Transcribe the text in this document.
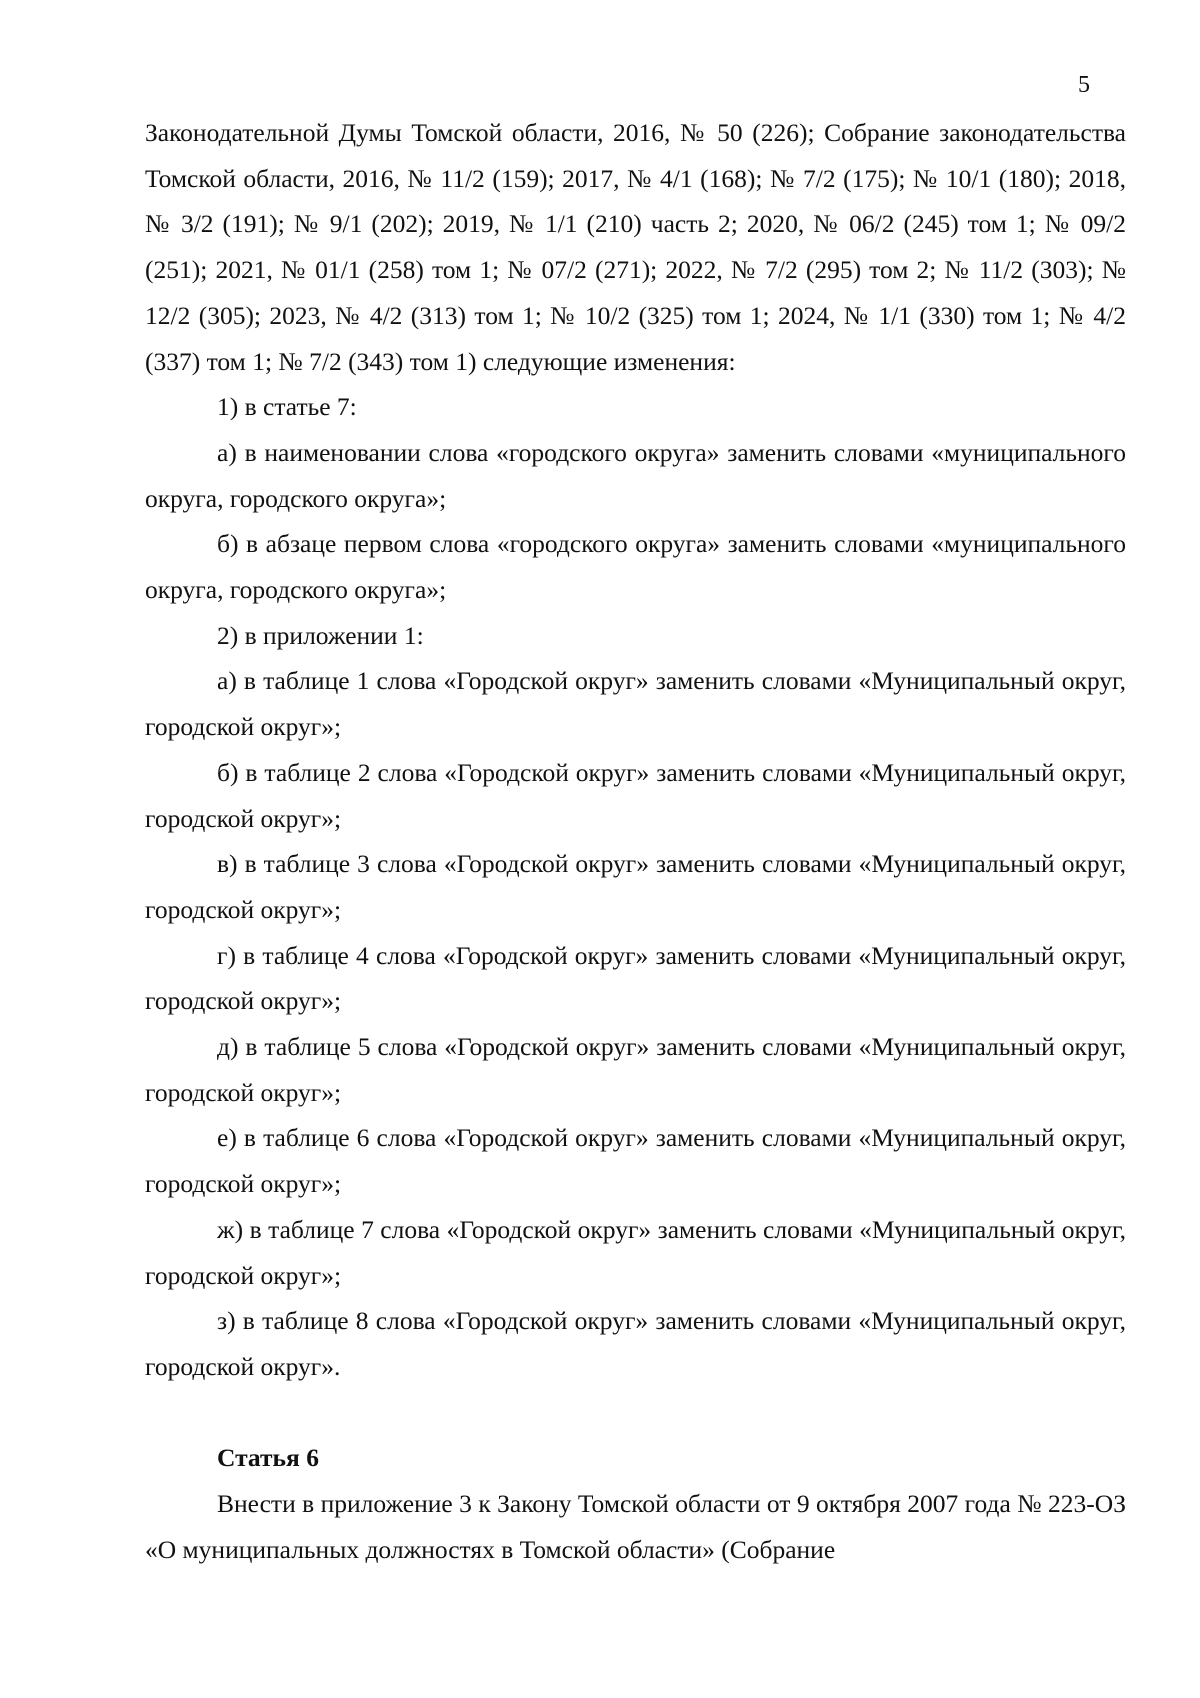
5

Законодательной Думы Томской области, 2016, № 50 (226); Собрание законодательства Томской области, 2016, № 11/2 (159); 2017, № 4/1 (168); № 7/2 (175); № 10/1 (180); 2018, № 3/2 (191); № 9/1 (202); 2019, № 1/1 (210) часть 2; 2020, № 06/2 (245) том 1; № 09/2 (251); 2021, № 01/1 (258) том 1; № 07/2 (271); 2022, № 7/2 (295) том 2; № 11/2 (303); № 12/2 (305); 2023, № 4/2 (313) том 1; № 10/2 (325) том 1; 2024, № 1/1 (330) том 1; № 4/2 (337) том 1; № 7/2 (343) том 1) следующие изменения:

1) в статье 7:

а) в наименовании слова «городского округа» заменить словами «муниципального округа, городского округа»;

б) в абзаце первом слова «городского округа» заменить словами «муниципального округа, городского округа»;

2) в приложении 1:

а) в таблице 1 слова «Городской округ» заменить словами «Муниципальный округ, городской округ»;

б) в таблице 2 слова «Городской округ» заменить словами «Муниципальный округ, городской округ»;

в) в таблице 3 слова «Городской округ» заменить словами «Муниципальный округ, городской округ»;

г) в таблице 4 слова «Городской округ» заменить словами «Муниципальный округ, городской округ»;

д) в таблице 5 слова «Городской округ» заменить словами «Муниципальный округ, городской округ»;

е) в таблице 6 слова «Городской округ» заменить словами «Муниципальный округ, городской округ»;

ж) в таблице 7 слова «Городской округ» заменить словами «Муниципальный округ, городской округ»;

з) в таблице 8 слова «Городской округ» заменить словами «Муниципальный округ, городской округ».

Статья 6

Внести в приложение 3 к Закону Томской области от 9 октября 2007 года № 223-ОЗ «О муниципальных должностях в Томской области» (Собрание
